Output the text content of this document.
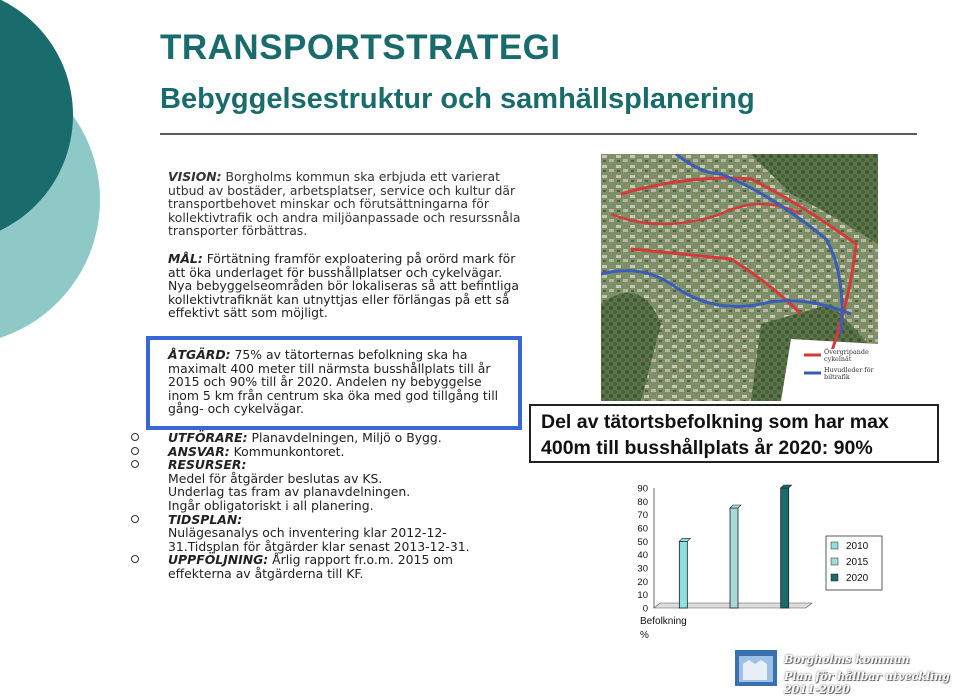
TRANSPORTSTRATEGI
Bebyggelsestruktur och samhällsplanering
VISION: Borgholms kommun ska erbjuda ett varierat utbud av bostäder, arbetsplatser, service och kultur där transportbehovet minskar och förutsättningarna för kollektivtrafik och andra miljöanpassade och resurssnåla transporter förbättras.
MÅL: Förtätning framför exploatering på orörd mark för att öka underlaget för busshållplatser och cykelvägar. Nya bebyggelseområden bör lokaliseras så att befintliga kollektivtrafiknät kan utnyttjas eller förlängas på ett så effektivt sätt som möjligt.
ÅTGÄRD: 75% av tätorternas befolkning ska ha maximalt 400 meter till närmsta busshållplats till år 2015 och 90% till år 2020. Andelen ny bebyggelse inom 5 km från centrum ska öka med god tillgång till gång- och cykelvägar.
UTFÖRARE: Planavdelningen, Miljö o Bygg.
ANSVAR: Kommunkontoret.
RESURSER:
Medel för åtgärder beslutas av KS.
Underlag tas fram av planavdelningen.
Ingår obligatoriskt i all planering.
TIDSPLAN:
Nulägesanalys och inventering klar 2012-12-31.Tidsplan för åtgärder klar senast 2013-12-31.
UPPFÖLJNING: Årlig rapport fr.o.m. 2015 om effekterna av åtgärderna till KF.
Övergripande cykelnät
Huvudleder för biltrafik
Del av tätortsbefolkning som har max 400m till busshållplats år 2020: 90%
0
10
20
30
40
50
60
70
80
90
Befolkning
%
2010
2015
2020
Borgholms kommun
Plan för hållbar utveckling 2011-2020
